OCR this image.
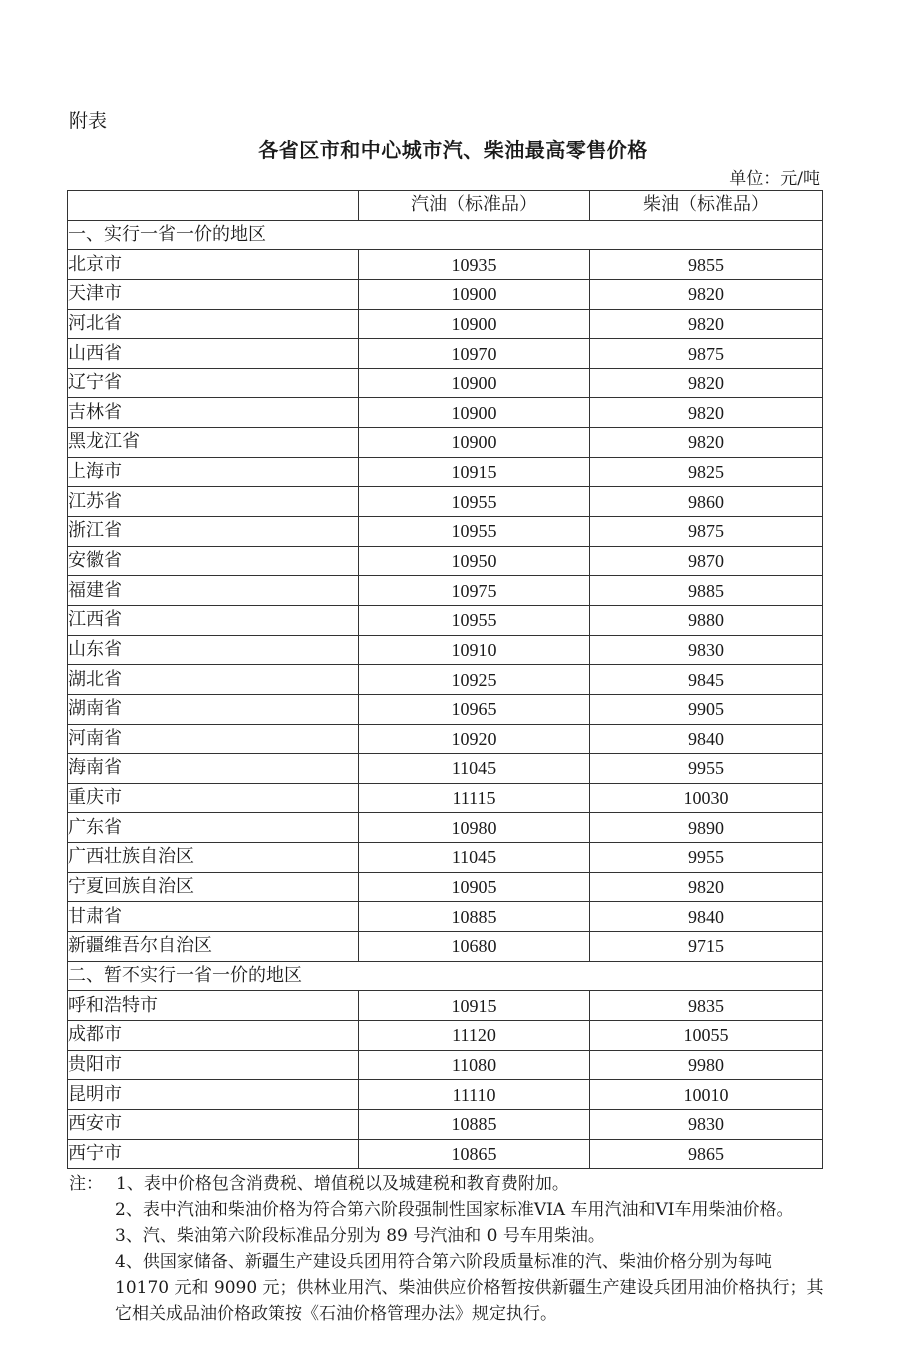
附表
各省区市和中心城市汽、柴油最高零售价格
单位：元/吨
	汽油（标准品）	柴油（标准品）
一、实行一省一价的地区		
北京市	10935	9855
天津市	10900	9820
河北省	10900	9820
山西省	10970	9875
辽宁省	10900	9820
吉林省	10900	9820
黑龙江省	10900	9820
上海市	10915	9825
江苏省	10955	9860
浙江省	10955	9875
安徽省	10950	9870
福建省	10975	9885
江西省	10955	9880
山东省	10910	9830
湖北省	10925	9845
湖南省	10965	9905
河南省	10920	9840
海南省	11045	9955
重庆市	11115	10030
广东省	10980	9890
广西壮族自治区	11045	9955
宁夏回族自治区	10905	9820
甘肃省	10885	9840
新疆维吾尔自治区	10680	9715
二、暂不实行一省一价的地区		
呼和浩特市	10915	9835
成都市	11120	10055
贵阳市	11080	9980
昆明市	11110	10010
西安市	10885	9830
西宁市	10865	9865

注： 1、表中价格包含消费税、增值税以及城建税和教育费附加。

2、表中汽油和柴油价格为符合第六阶段强制性国家标准VIA 车用汽油和VI车用柴油价格。

3、汽、柴油第六阶段标准品分别为 89 号汽油和 0 号车用柴油。

4、供国家储备、新疆生产建设兵团用符合第六阶段质量标准的汽、柴油价格分别为每吨 10170 元和 9090 元；供林业用汽、柴油供应价格暂按供新疆生产建设兵团用油价格执行；其它相关成品油价格政策按《石油价格管理办法》规定执行。
